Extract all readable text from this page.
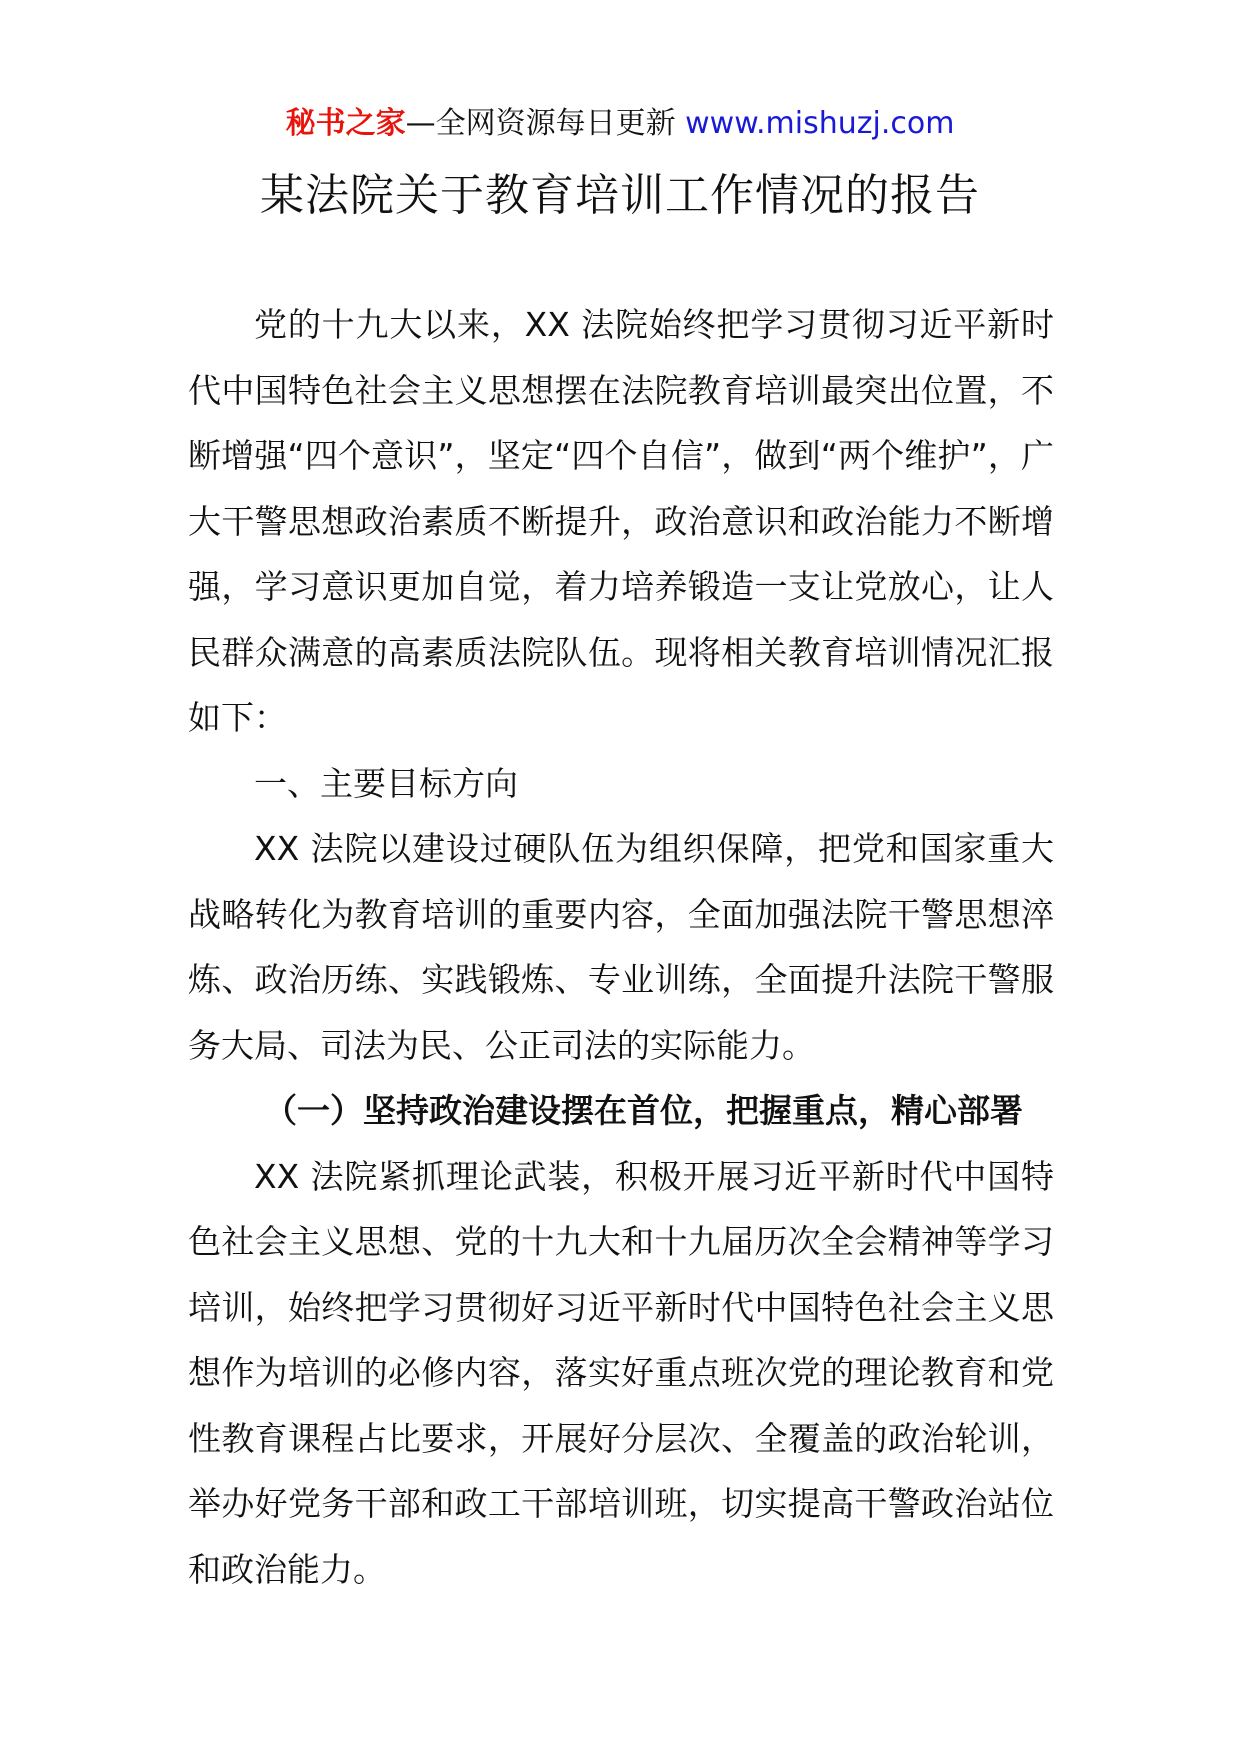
秘书之家—全网资源每日更新 www.mishuzj.com
某法院关于教育培训工作情况的报告

党的十九大以来，XX 法院始终把学习贯彻习近平新时代中国特色社会主义思想摆在法院教育培训最突出位置，不断增强“四个意识”，坚定“四个自信”，做到“两个维护”，广大干警思想政治素质不断提升，政治意识和政治能力不断增强，学习意识更加自觉，着力培养锻造一支让党放心，让人民群众满意的高素质法院队伍。现将相关教育培训情况汇报如下：

一、主要目标方向

XX 法院以建设过硬队伍为组织保障，把党和国家重大战略转化为教育培训的重要内容，全面加强法院干警思想淬炼、政治历练、实践锻炼、专业训练，全面提升法院干警服务大局、司法为民、公正司法的实际能力。

（一）坚持政治建设摆在首位，把握重点，精心部署

XX 法院紧抓理论武装，积极开展习近平新时代中国特色社会主义思想、党的十九大和十九届历次全会精神等学习培训，始终把学习贯彻好习近平新时代中国特色社会主义思想作为培训的必修内容，落实好重点班次党的理论教育和党性教育课程占比要求，开展好分层次、全覆盖的政治轮训，举办好党务干部和政工干部培训班，切实提高干警政治站位和政治能力。
